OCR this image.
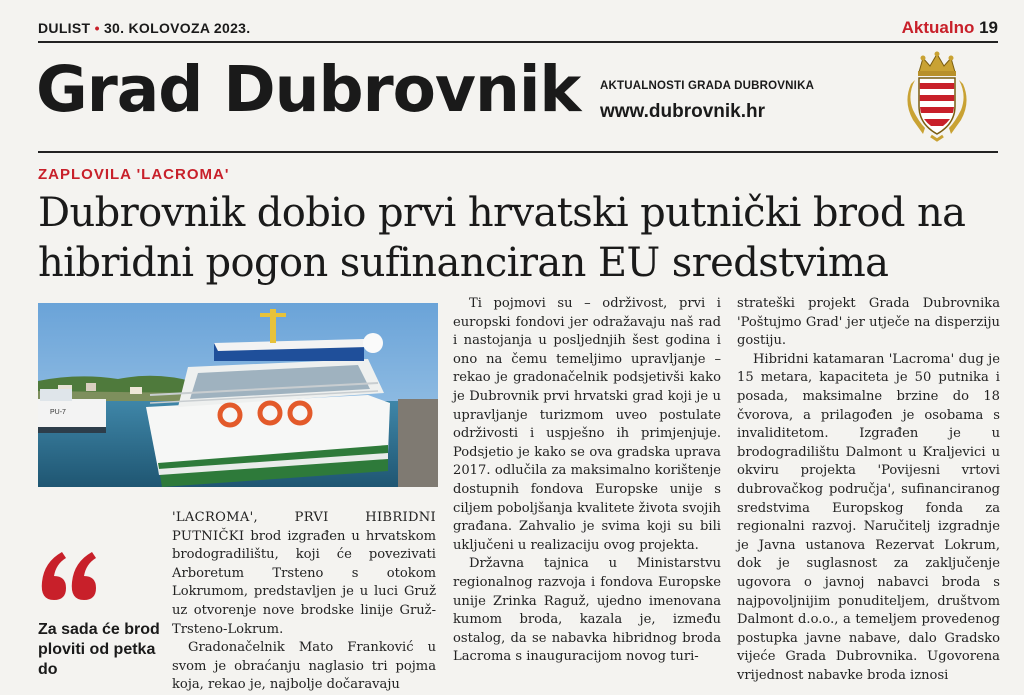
DULIST • 30. KOLOVOZA 2023.	Aktualno 19
Grad Dubrovnik AKTUALNOSTI GRADA DUBROVNIKA
www.dubrovnik.hr
ZAPLOVILA 'LACROMA'
Dubrovnik dobio prvi hrvatski putnički brod na hibridni pogon sufinanciran EU sredstvima
PU-7
Za sada će brod ploviti od petka do

'LACROMA', PRVI HIBRIDNI PUTNIČKI brod izgrađen u hrvatskom brodogradilištu, koji će povezivati Arboretum Trsteno s otokom Lokrumom, predstavljen je u luci Gruž uz otvorenje nove brodske linije Gruž-Trsteno-Lokrum.

Gradonačelnik Mato Franković u svom je obraćanju naglasio tri pojma koja, rekao je, najbolje dočaravaju

Ti pojmovi su – održivost, prvi i europski fondovi jer odražavaju naš rad i nastojanja u posljednjih šest godina i ono na čemu temeljimo upravljanje – rekao je gradonačelnik podsjetivši kako je Dubrovnik prvi hrvatski grad koji je u upravljanje turizmom uveo postulate održivosti i uspješno ih primjenjuje. Podsjetio je kako se ova gradska uprava 2017. odlučila za maksimalno korištenje dostupnih fondova Europske unije s ciljem poboljšanja kvalitete života svojih građana. Zahvalio je svima koji su bili uključeni u realizaciju ovog projekta.

Državna tajnica u Ministarstvu regionalnog razvoja i fondova Europske unije Zrinka Raguž, ujedno imenovana kumom broda, kazala je, između ostalog, da se nabavka hibridnog broda Lacroma s inauguracijom novog turi-

strateški projekt Grada Dubrovnika 'Poštujmo Grad' jer utječe na disperziju gostiju.

Hibridni katamaran 'Lacroma' dug je 15 metara, kapaciteta je 50 putnika i posada, maksimalne brzine do 18 čvorova, a prilagođen je osobama s invaliditetom. Izgrađen je u brodogradilištu Dalmont u Kraljevici u okviru projekta 'Povijesni vrtovi dubrovačkog područja', sufinanciranog sredstvima Europskog fonda za regionalni razvoj. Naručitelj izgradnje je Javna ustanova Rezervat Lokrum, dok je suglasnost za zaključenje ugovora o javnoj nabavci broda s najpovoljnijim ponuditeljem, društvom Dalmont d.o.o., a temeljem provedenog postupka javne nabave, dalo Gradsko vijeće Grada Dubrovnika. Ugovorena vrijednost nabavke broda iznosi
